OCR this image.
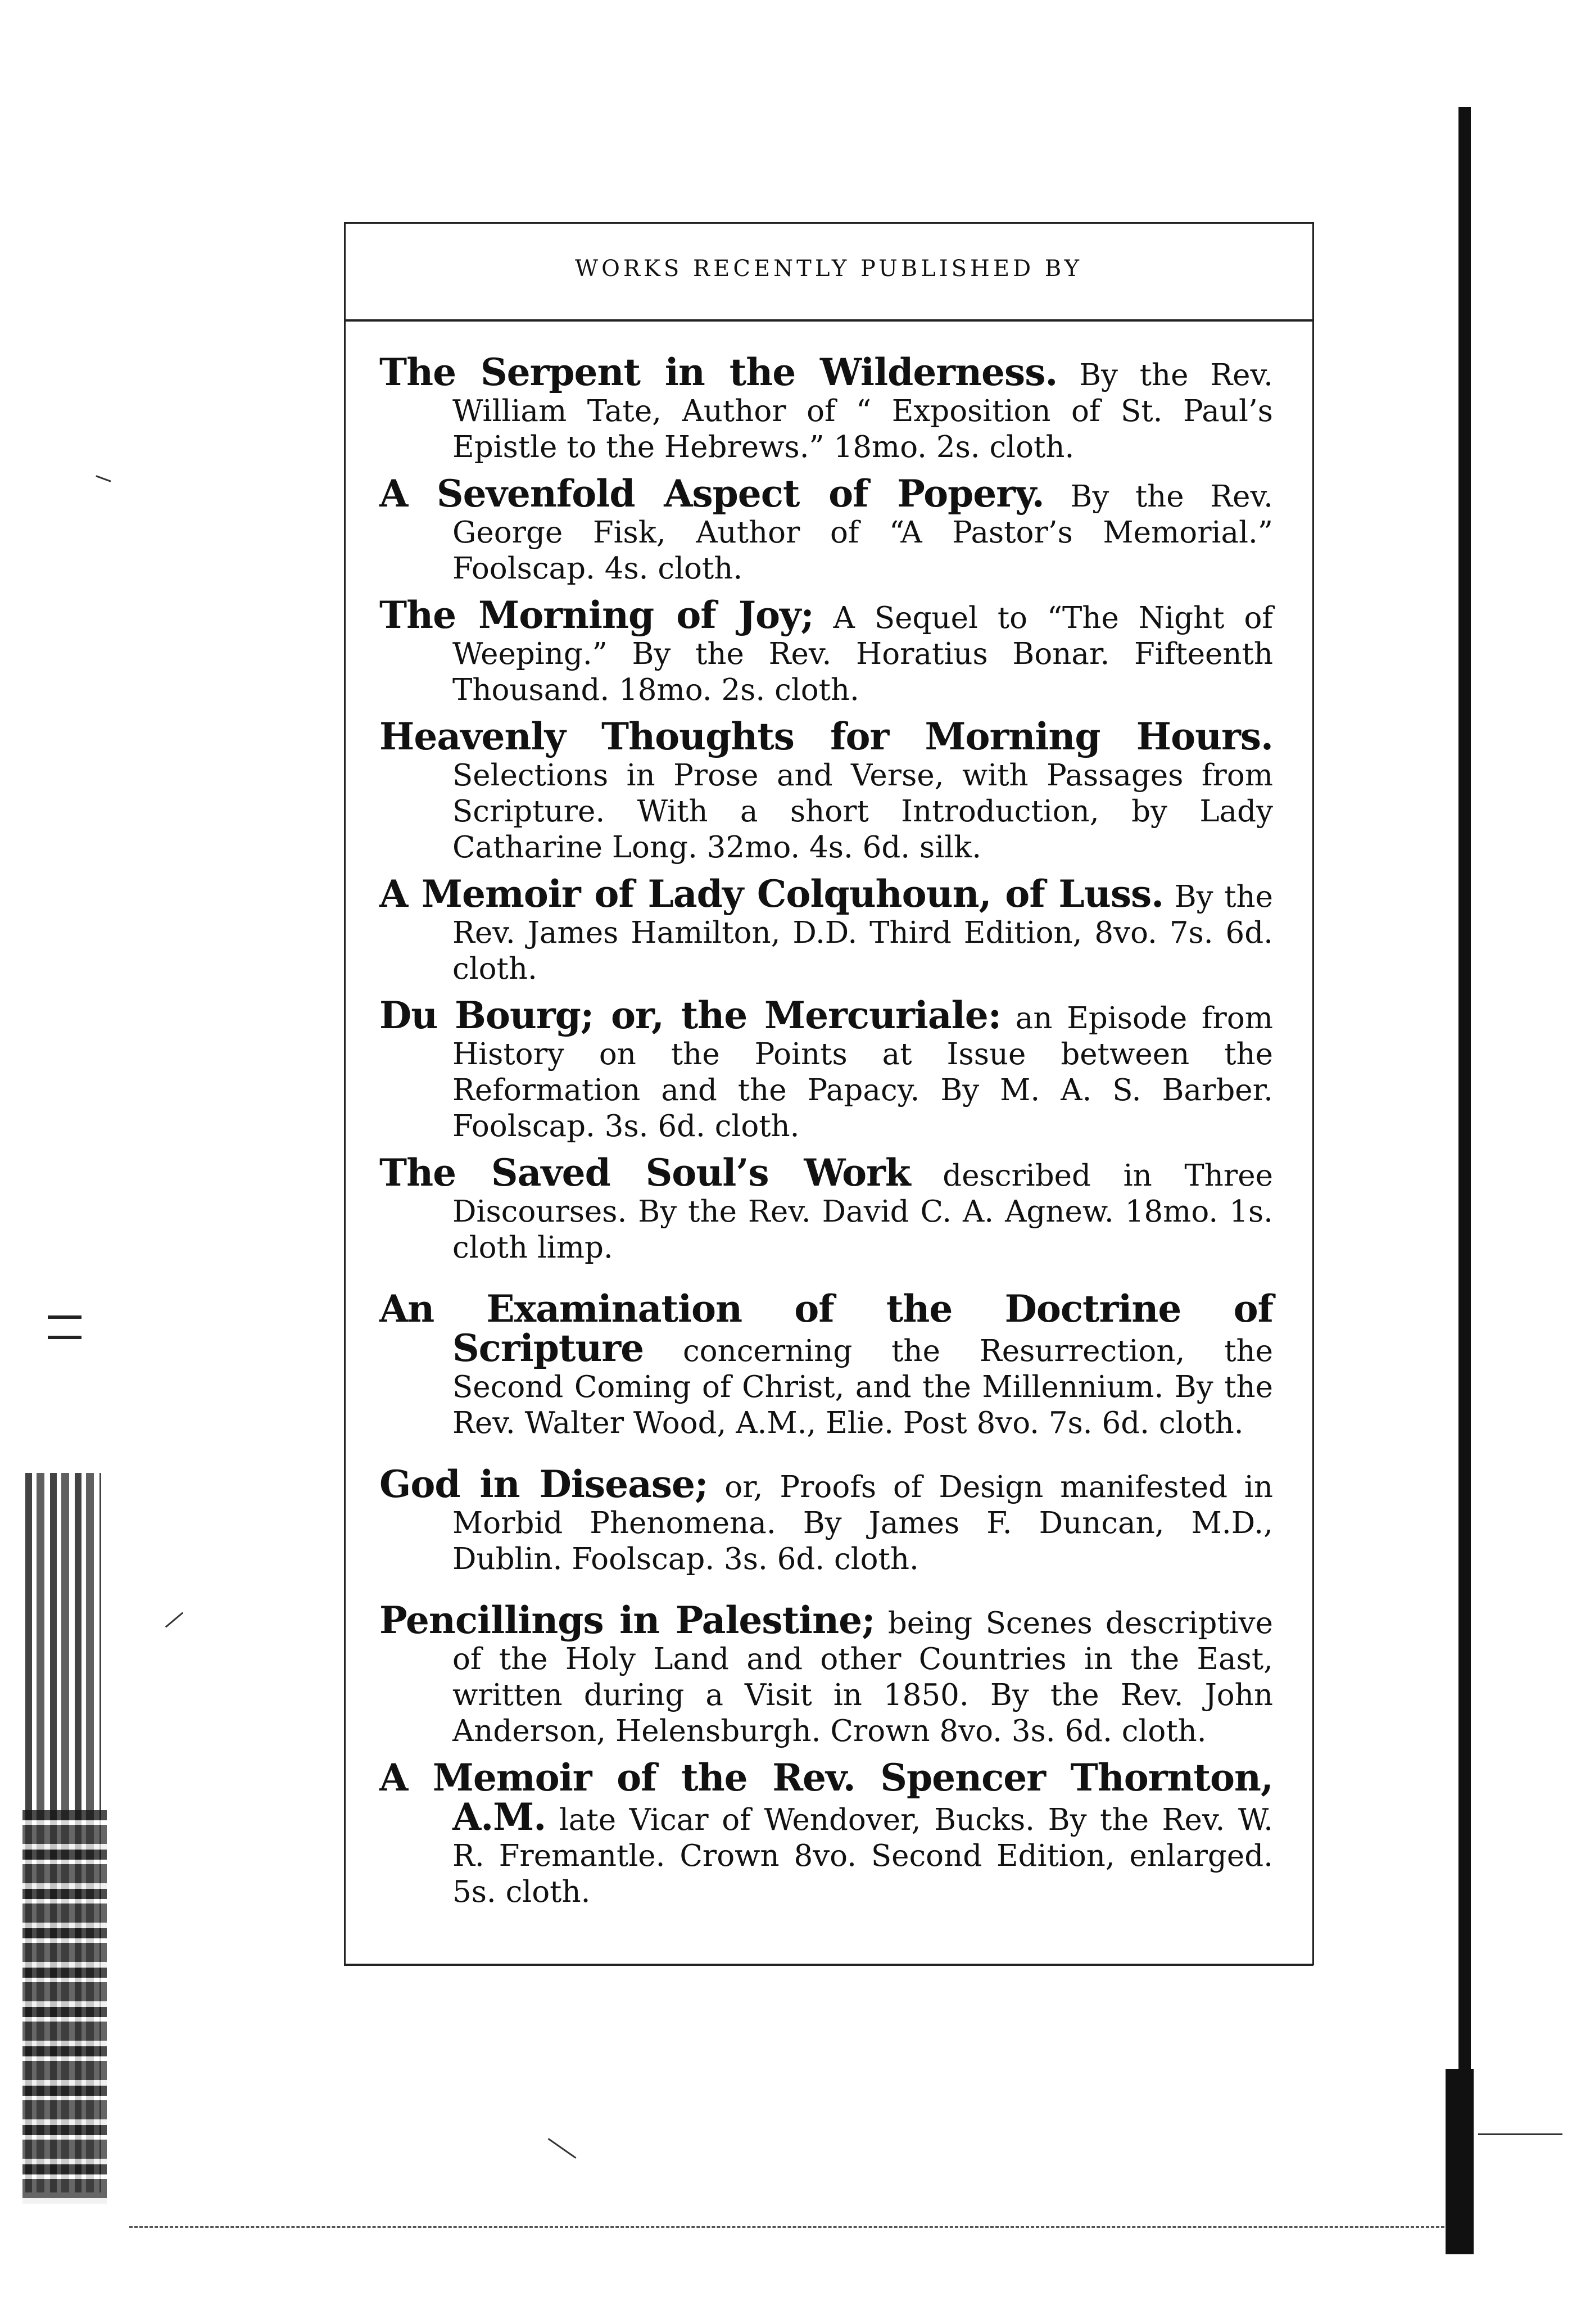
WORKS RECENTLY PUBLISHED BY

The Serpent in the Wilderness. By the Rev. William Tate, Author of “ Exposition of St. Paul’s Epistle to the Hebrews.” 18mo. 2s. cloth.

A Sevenfold Aspect of Popery. By the Rev. George Fisk, Author of “A Pastor’s Memorial.” Foolscap. 4s. cloth.

The Morning of Joy; A Sequel to “The Night of Weeping.” By the Rev. Horatius Bonar. Fifteenth Thousand. 18mo. 2s. cloth.

Heavenly Thoughts for Morning Hours. Selections in Prose and Verse, with Passages from Scripture. With a short Introduction, by Lady Catharine Long. 32mo. 4s. 6d. silk.

A Memoir of Lady Colquhoun, of Luss. By the Rev. James Hamilton, D.D. Third Edition, 8vo. 7s. 6d. cloth.

Du Bourg; or, the Mercuriale: an Episode from History on the Points at Issue between the Reformation and the Papacy. By M. A. S. Barber. Foolscap. 3s. 6d. cloth.

The Saved Soul’s Work described in Three Discourses. By the Rev. David C. A. Agnew. 18mo. 1s. cloth limp.

An Examination of the Doctrine of Scripture concerning the Resurrection, the Second Coming of Christ, and the Millennium. By the Rev. Walter Wood, A.M., Elie. Post 8vo. 7s. 6d. cloth.

God in Disease; or, Proofs of Design manifested in Morbid Phenomena. By James F. Duncan, M.D., Dublin. Foolscap. 3s. 6d. cloth.

Pencillings in Palestine; being Scenes descriptive of the Holy Land and other Countries in the East, written during a Visit in 1850. By the Rev. John Anderson, Helensburgh. Crown 8vo. 3s. 6d. cloth.

A Memoir of the Rev. Spencer Thornton, A.M. late Vicar of Wendover, Bucks. By the Rev. W. R. Fremantle. Crown 8vo. Second Edition, enlarged. 5s. cloth.
